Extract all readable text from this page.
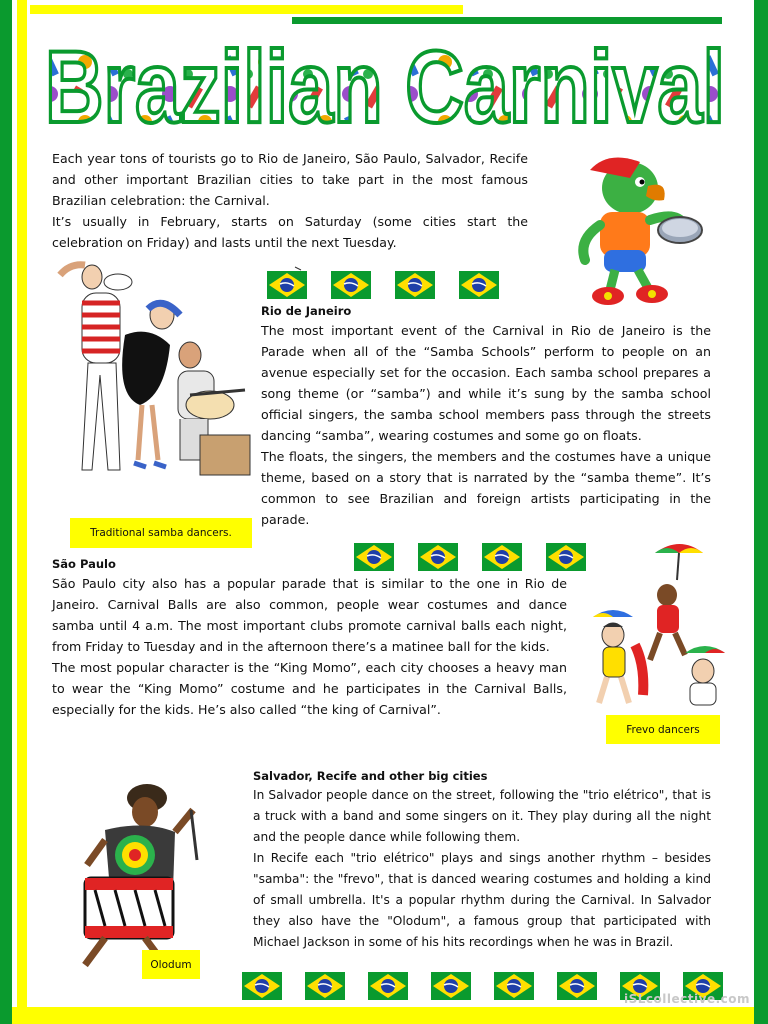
Brazilian Carnival

Each year tons of tourists go to Rio de Janeiro, São Paulo, Salvador, Recife and other important Brazilian cities to take part in the most famous Brazilian celebration: the Carnival.

It’s usually in February, starts on Saturday (some cities start the celebration on Friday) and lasts until the next Tuesday.

Rio de Janeiro

The most important event of the Carnival in Rio de Janeiro is the Parade when all of the “Samba Schools” perform to people on an avenue especially set for the occasion. Each samba school prepares a song theme (or “samba”) and while it’s sung by the samba school official singers, the samba school members pass through the streets dancing “samba”, wearing costumes and some go on floats.

The floats, the singers, the members and the costumes have a unique theme, based on a story that is narrated by the “samba theme”. It’s common to see Brazilian and foreign artists participating in the parade.

Traditional samba dancers.

São Paulo

São Paulo city also has a popular parade that is similar to the one in Rio de Janeiro. Carnival Balls are also common, people wear costumes and dance samba until 4 a.m. The most important clubs promote carnival balls each night, from Friday to Tuesday and in the afternoon there’s a matinee ball for the kids.

The most popular character is the “King Momo”, each city chooses a heavy man to wear the “King Momo” costume and he participates in the Carnival Balls, especially for the kids. He’s also called “the king of Carnival”.

Frevo dancers

Salvador, Recife and other big cities

In Salvador people dance on the street, following the "trio elétrico", that is a truck with a band and some singers on it. They play during all the night and the people dance while following them.

In Recife each "trio elétrico" plays and sings another rhythm – besides "samba": the "frevo", that is danced wearing costumes and holding a kind of small umbrella. It's a popular rhythm during the Carnival. In Salvador they also have the "Olodum", a famous group that participated with Michael Jackson in some of his hits recordings when he was in Brazil.

Olodum
iSLcollective.com
